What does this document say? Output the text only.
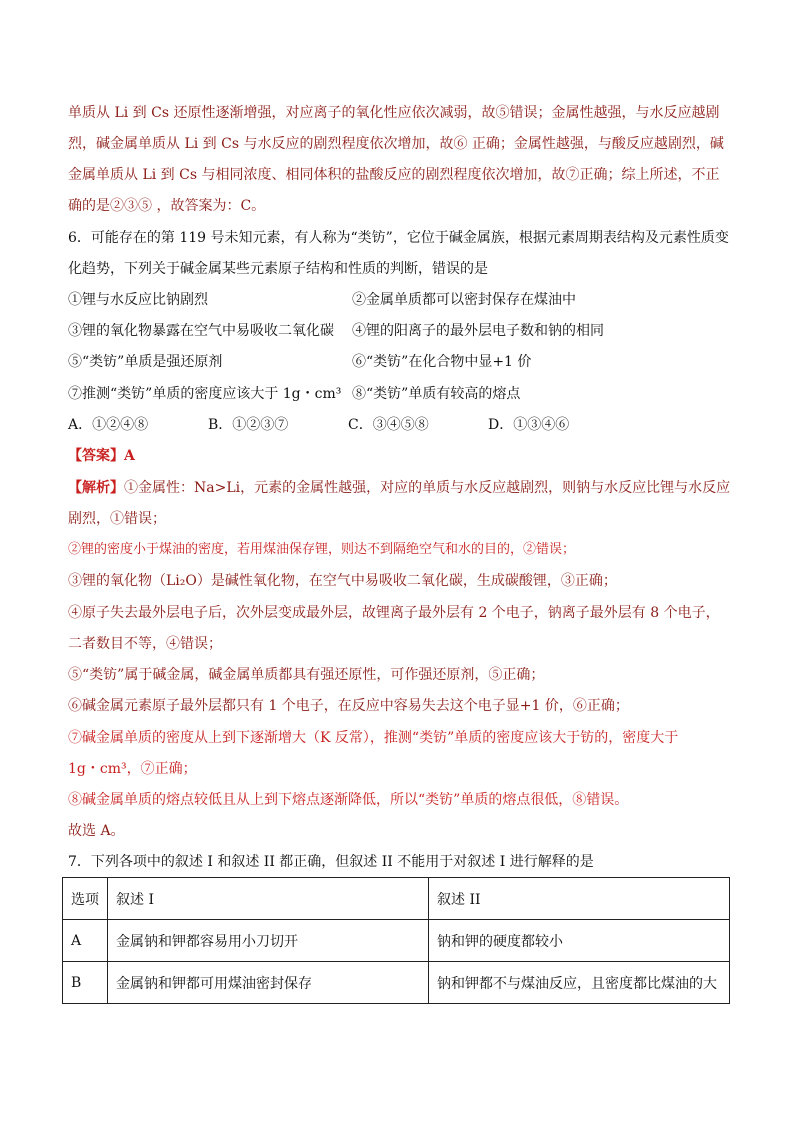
单质从 Li 到 Cs 还原性逐渐增强，对应离子的氧化性应依次减弱，故⑤错误；金属性越强，与水反应越剧
烈，碱金属单质从 Li 到 Cs 与水反应的剧烈程度依次增加，故⑥ 正确；金属性越强，与酸反应越剧烈，碱
金属单质从 Li 到 Cs 与相同浓度、相同体积的盐酸反应的剧烈程度依次增加，故⑦正确；综上所述，不正
确的是②③⑤ ，故答案为：C。
6．可能存在的第 119 号未知元素，有人称为“类钫”，它位于碱金属族，根据元素周期表结构及元素性质变
化趋势，下列关于碱金属某些元素原子结构和性质的判断，错误的是
①锂与水反应比钠剧烈	②金属单质都可以密封保存在煤油中
③锂的氧化物暴露在空气中易吸收二氧化碳 ④锂的阳离子的最外层电子数和钠的相同
⑤“类钫”单质是强还原剂	⑥“类钫”在化合物中显+1 价
⑦推测“类钫”单质的密度应该大于 1g・cm³ ⑧“类钫”单质有较高的熔点
A．①②④⑧	B．①②③⑦	C．③④⑤⑧	D．①③④⑥
【答案】A
【解析】①金属性：Na>Li，元素的金属性越强，对应的单质与水反应越剧烈，则钠与水反应比锂与水反应
剧烈，①错误；
②锂的密度小于煤油的密度，若用煤油保存锂，则达不到隔绝空气和水的目的，②错误；
③锂的氧化物（Li₂O）是碱性氧化物，在空气中易吸收二氧化碳，生成碳酸锂，③正确；
④原子失去最外层电子后，次外层变成最外层，故锂离子最外层有 2 个电子，钠离子最外层有 8 个电子，
二者数目不等，④错误；
⑤“类钫”属于碱金属，碱金属单质都具有强还原性，可作强还原剂，⑤正确；
⑥碱金属元素原子最外层都只有 1 个电子，在反应中容易失去这个电子显+1 价，⑥正确；
⑦碱金属单质的密度从上到下逐渐增大（K 反常），推测“类钫”单质的密度应该大于钫的，密度大于
1g・cm³，⑦正确；
⑧碱金属单质的熔点较低且从上到下熔点逐渐降低，所以“类钫”单质的熔点很低，⑧错误。
故选 A。
7．下列各项中的叙述 I 和叙述 II 都正确，但叙述 II 不能用于对叙述 I 进行解释的是
选项	叙述 I	叙述 II
A	金属钠和钾都容易用小刀切开	钠和钾的硬度都较小
B	金属钠和钾都可用煤油密封保存	钠和钾都不与煤油反应，且密度都比煤油的大
